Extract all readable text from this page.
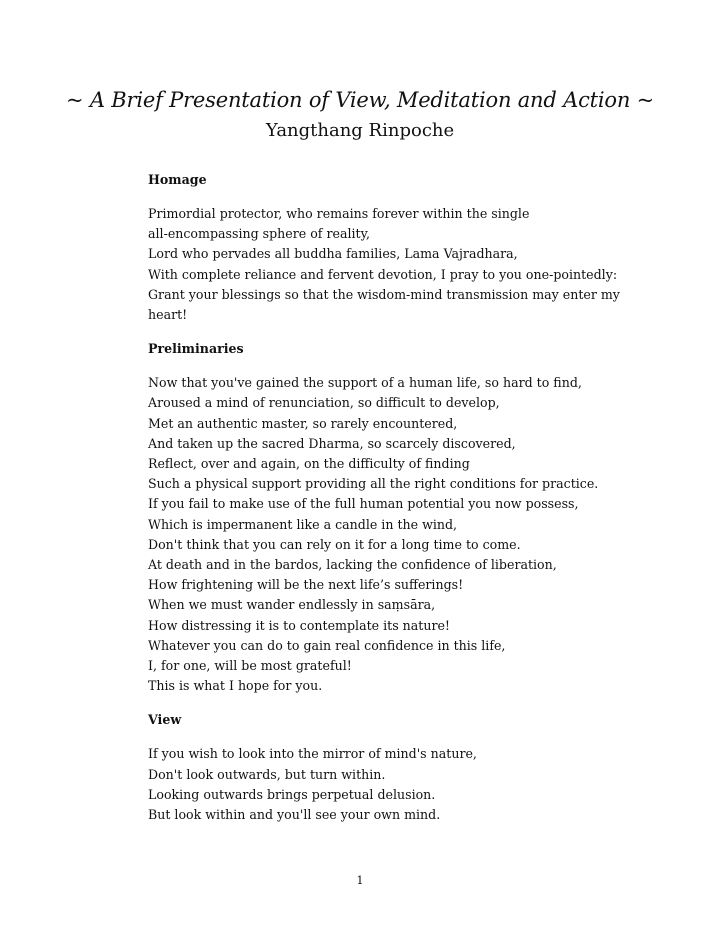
~ A Brief Presentation of View, Meditation and Action ~
Yangthang Rinpoche
Homage
Primordial protector, who remains forever within the single
all-encompassing sphere of reality,
Lord who pervades all buddha families, Lama Vajradhara,
With complete reliance and fervent devotion, I pray to you one-pointedly:
Grant your blessings so that the wisdom-mind transmission may enter my
heart!
Preliminaries
Now that you've gained the support of a human life, so hard to find,
Aroused a mind of renunciation, so difficult to develop,
Met an authentic master, so rarely encountered,
And taken up the sacred Dharma, so scarcely discovered,
Reflect, over and again, on the difficulty of finding
Such a physical support providing all the right conditions for practice.
If you fail to make use of the full human potential you now possess,
Which is impermanent like a candle in the wind,
Don't think that you can rely on it for a long time to come.
At death and in the bardos, lacking the confidence of liberation,
How frightening will be the next life’s sufferings!
When we must wander endlessly in saṃsāra,
How distressing it is to contemplate its nature!
Whatever you can do to gain real confidence in this life,
I, for one, will be most grateful!
This is what I hope for you.
View
If you wish to look into the mirror of mind's nature,
Don't look outwards, but turn within.
Looking outwards brings perpetual delusion.
But look within and you'll see your own mind.
1
